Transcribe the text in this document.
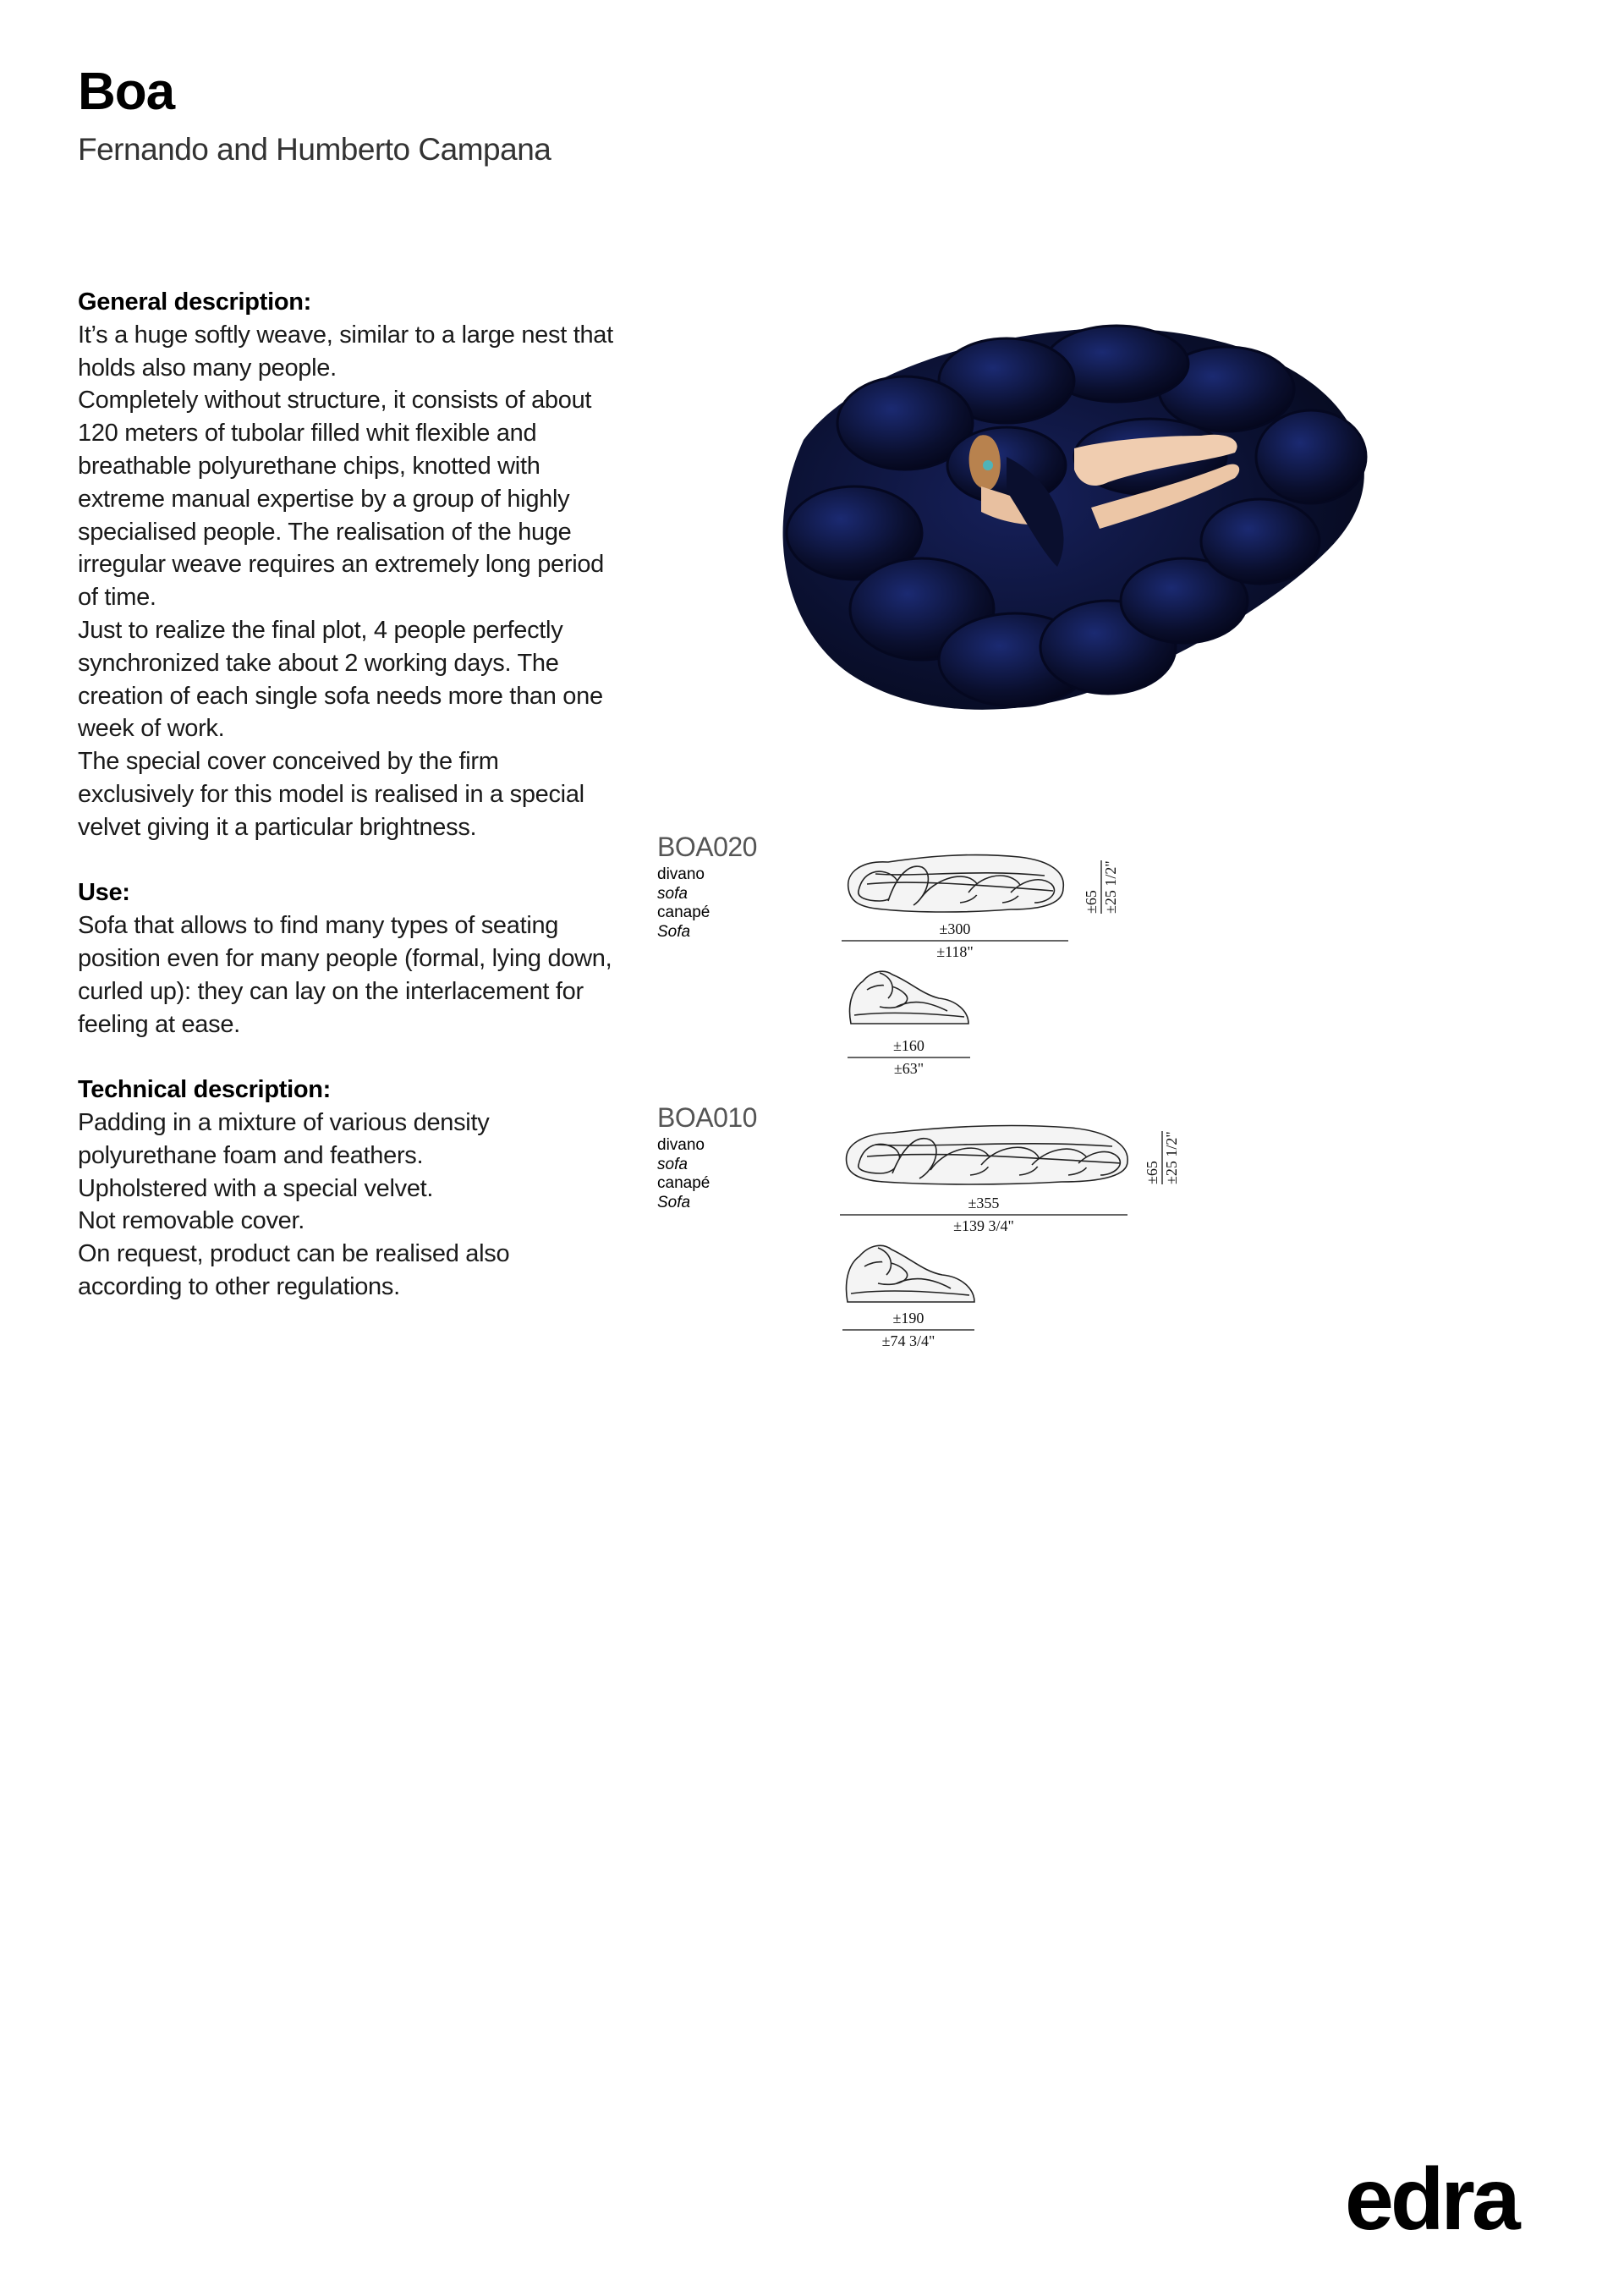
Boa
Fernando and Humberto Campana
General description:

It’s a huge softly weave, similar to a large nest that holds also many people.

Completely without structure, it consists of about 120 meters of tubolar filled whit flexible and breathable polyurethane chips, knotted with extreme manual expertise by a group of highly specialised people. The realisation of the huge irregular weave requires an extremely long period of time.

Just to realize the final plot, 4 people perfectly synchronized take about 2 working days. The creation of each single sofa needs more than one week of work.

The special cover conceived by the firm exclusively for this model is realised in a special velvet giving it a particular brightness.

Use:

Sofa that allows to find many types of seating position even for many people (formal, lying down, curled up): they can lay on the interlacement for feeling at ease.

Technical description:

Padding in a mixture of various density polyurethane foam and feathers.

Upholstered with a special velvet.

Not removable cover.

On request, product can be realised also according to other regulations.

BOA020
divano
sofa
canapé
Sofa	±300
±118"
±65 ±25 1/2"
±160
±63"
BOA010
divano
sofa
canapé
Sofa	±355
±139 3/4"
±65 ±25 1/2"
±190
±74 3/4"
edra
